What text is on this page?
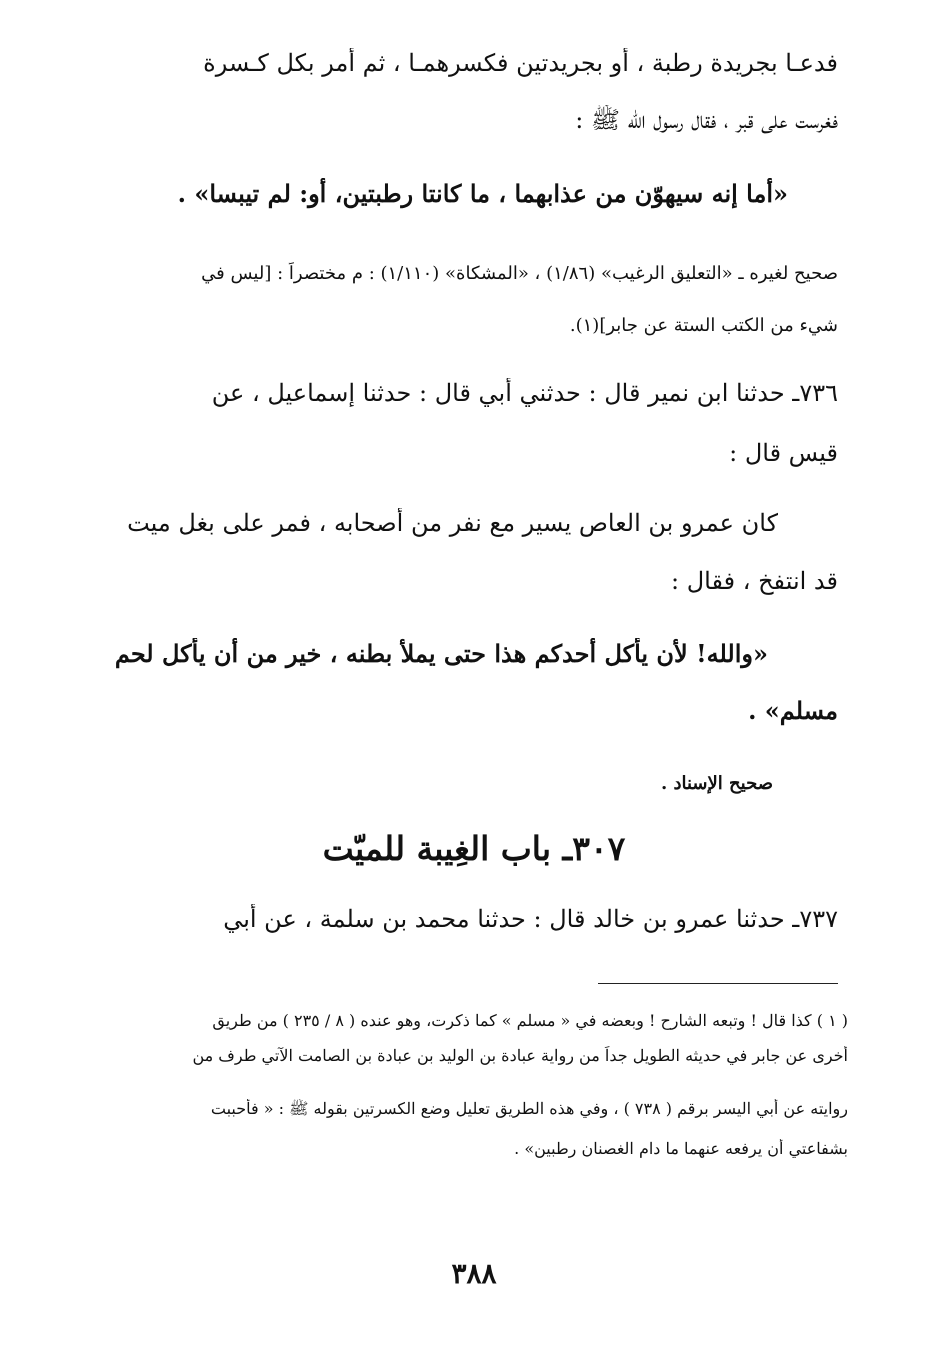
فدعـا بجريدة رطبة ، أو بجريدتين فكسرهمـا ، ثم أمر بكل كـسرة
فغرست على قبر ، فقال رسول الله ﷺ :
«أما إنه سيهوّن من عذابهما ، ما كانتا رطبتين، أو: لم تيبسا» .
صحيح لغيره ـ «التعليق الرغيب» (١/٨٦) ، «المشكاة» (١/١١٠) : م مختصراً : [ليس في
شيء من الكتب الستة عن جابر](١).
٧٣٦ـ حدثنا ابن نمير قال : حدثني أبي قال : حدثنا إسماعيل ، عن
قيس قال :
كان عمرو بن العاص يسير مع نفر من أصحابه ، فمر على بغل ميت
قد انتفخ ، فقال :
«والله! لأن يأكل أحدكم هذا حتى يملأ بطنه ، خير من أن يأكل لحم
مسلم» .
صحيح الإسناد .
٣٠٧ـ باب الغِيبة للميّت
٧٣٧ـ حدثنا عمرو بن خالد قال : حدثنا محمد بن سلمة ، عن أبي
( ١ ) كذا قال ! وتبعه الشارح ! وبعضه في « مسلم » كما ذكرت، وهو عنده ( ٨ / ٢٣٥ ) من طريق
أخرى عن جابر في حديثه الطويل جداً من رواية عبادة بن الوليد بن عبادة بن الصامت الآتي طرف من
روايته عن أبي اليسر برقم ( ٧٣٨ ) ، وفي هذه الطريق تعليل وضع الكسرتين بقوله ﷺ : « فأحببت
بشفاعتي أن يرفعه عنهما ما دام الغصنان رطبين» .
٣٨٨
